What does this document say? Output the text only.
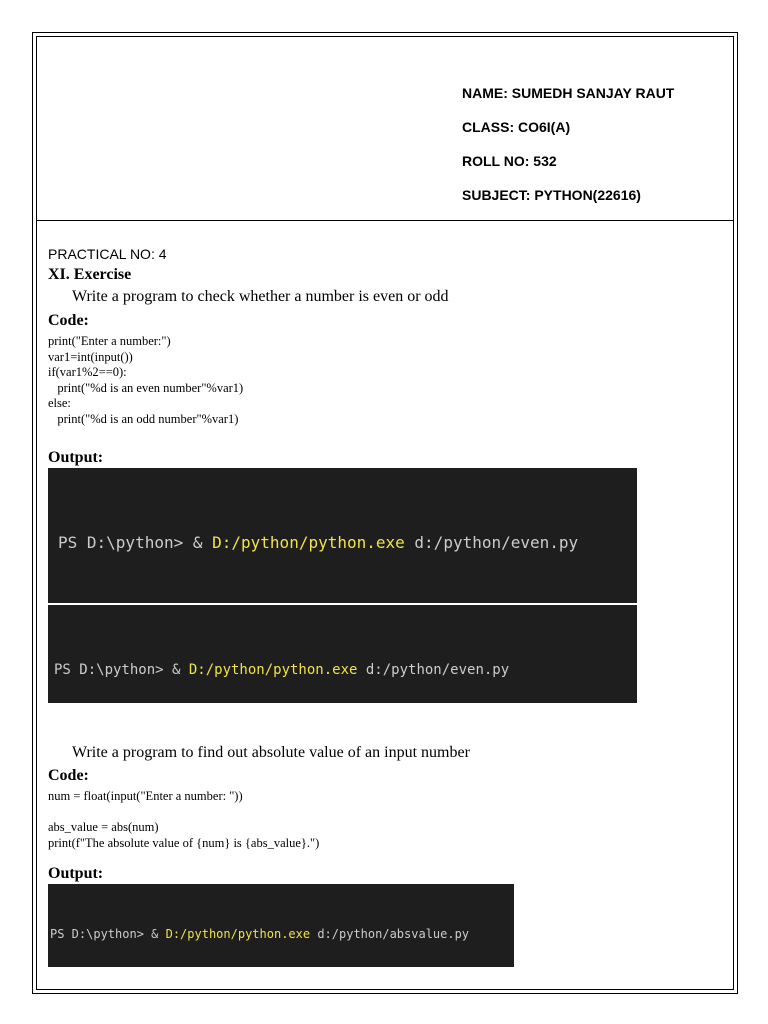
NAME: SUMEDH SANJAY RAUT
CLASS: CO6I(A)
ROLL NO: 532
SUBJECT: PYTHON(22616)
PRACTICAL NO: 4
XI. Exercise
Write a program to check whether a number is even or odd
Code:
print("Enter a number:")
var1=int(input())
if(var1%2==0):
print("%d is an even number"%var1)
else:
print("%d is an odd number"%var1)
Output:

PS D:\python> & D:/python/python.exe d:/python/even.py

PS D:\python> & D:/python/python.exe d:/python/even.py

Write a program to find out absolute value of an input number
Code:
num = float(input("Enter a number: "))

abs_value = abs(num)
print(f"The absolute value of {num} is {abs_value}.")
Output:

PS D:\python> & D:/python/python.exe d:/python/absvalue.py
